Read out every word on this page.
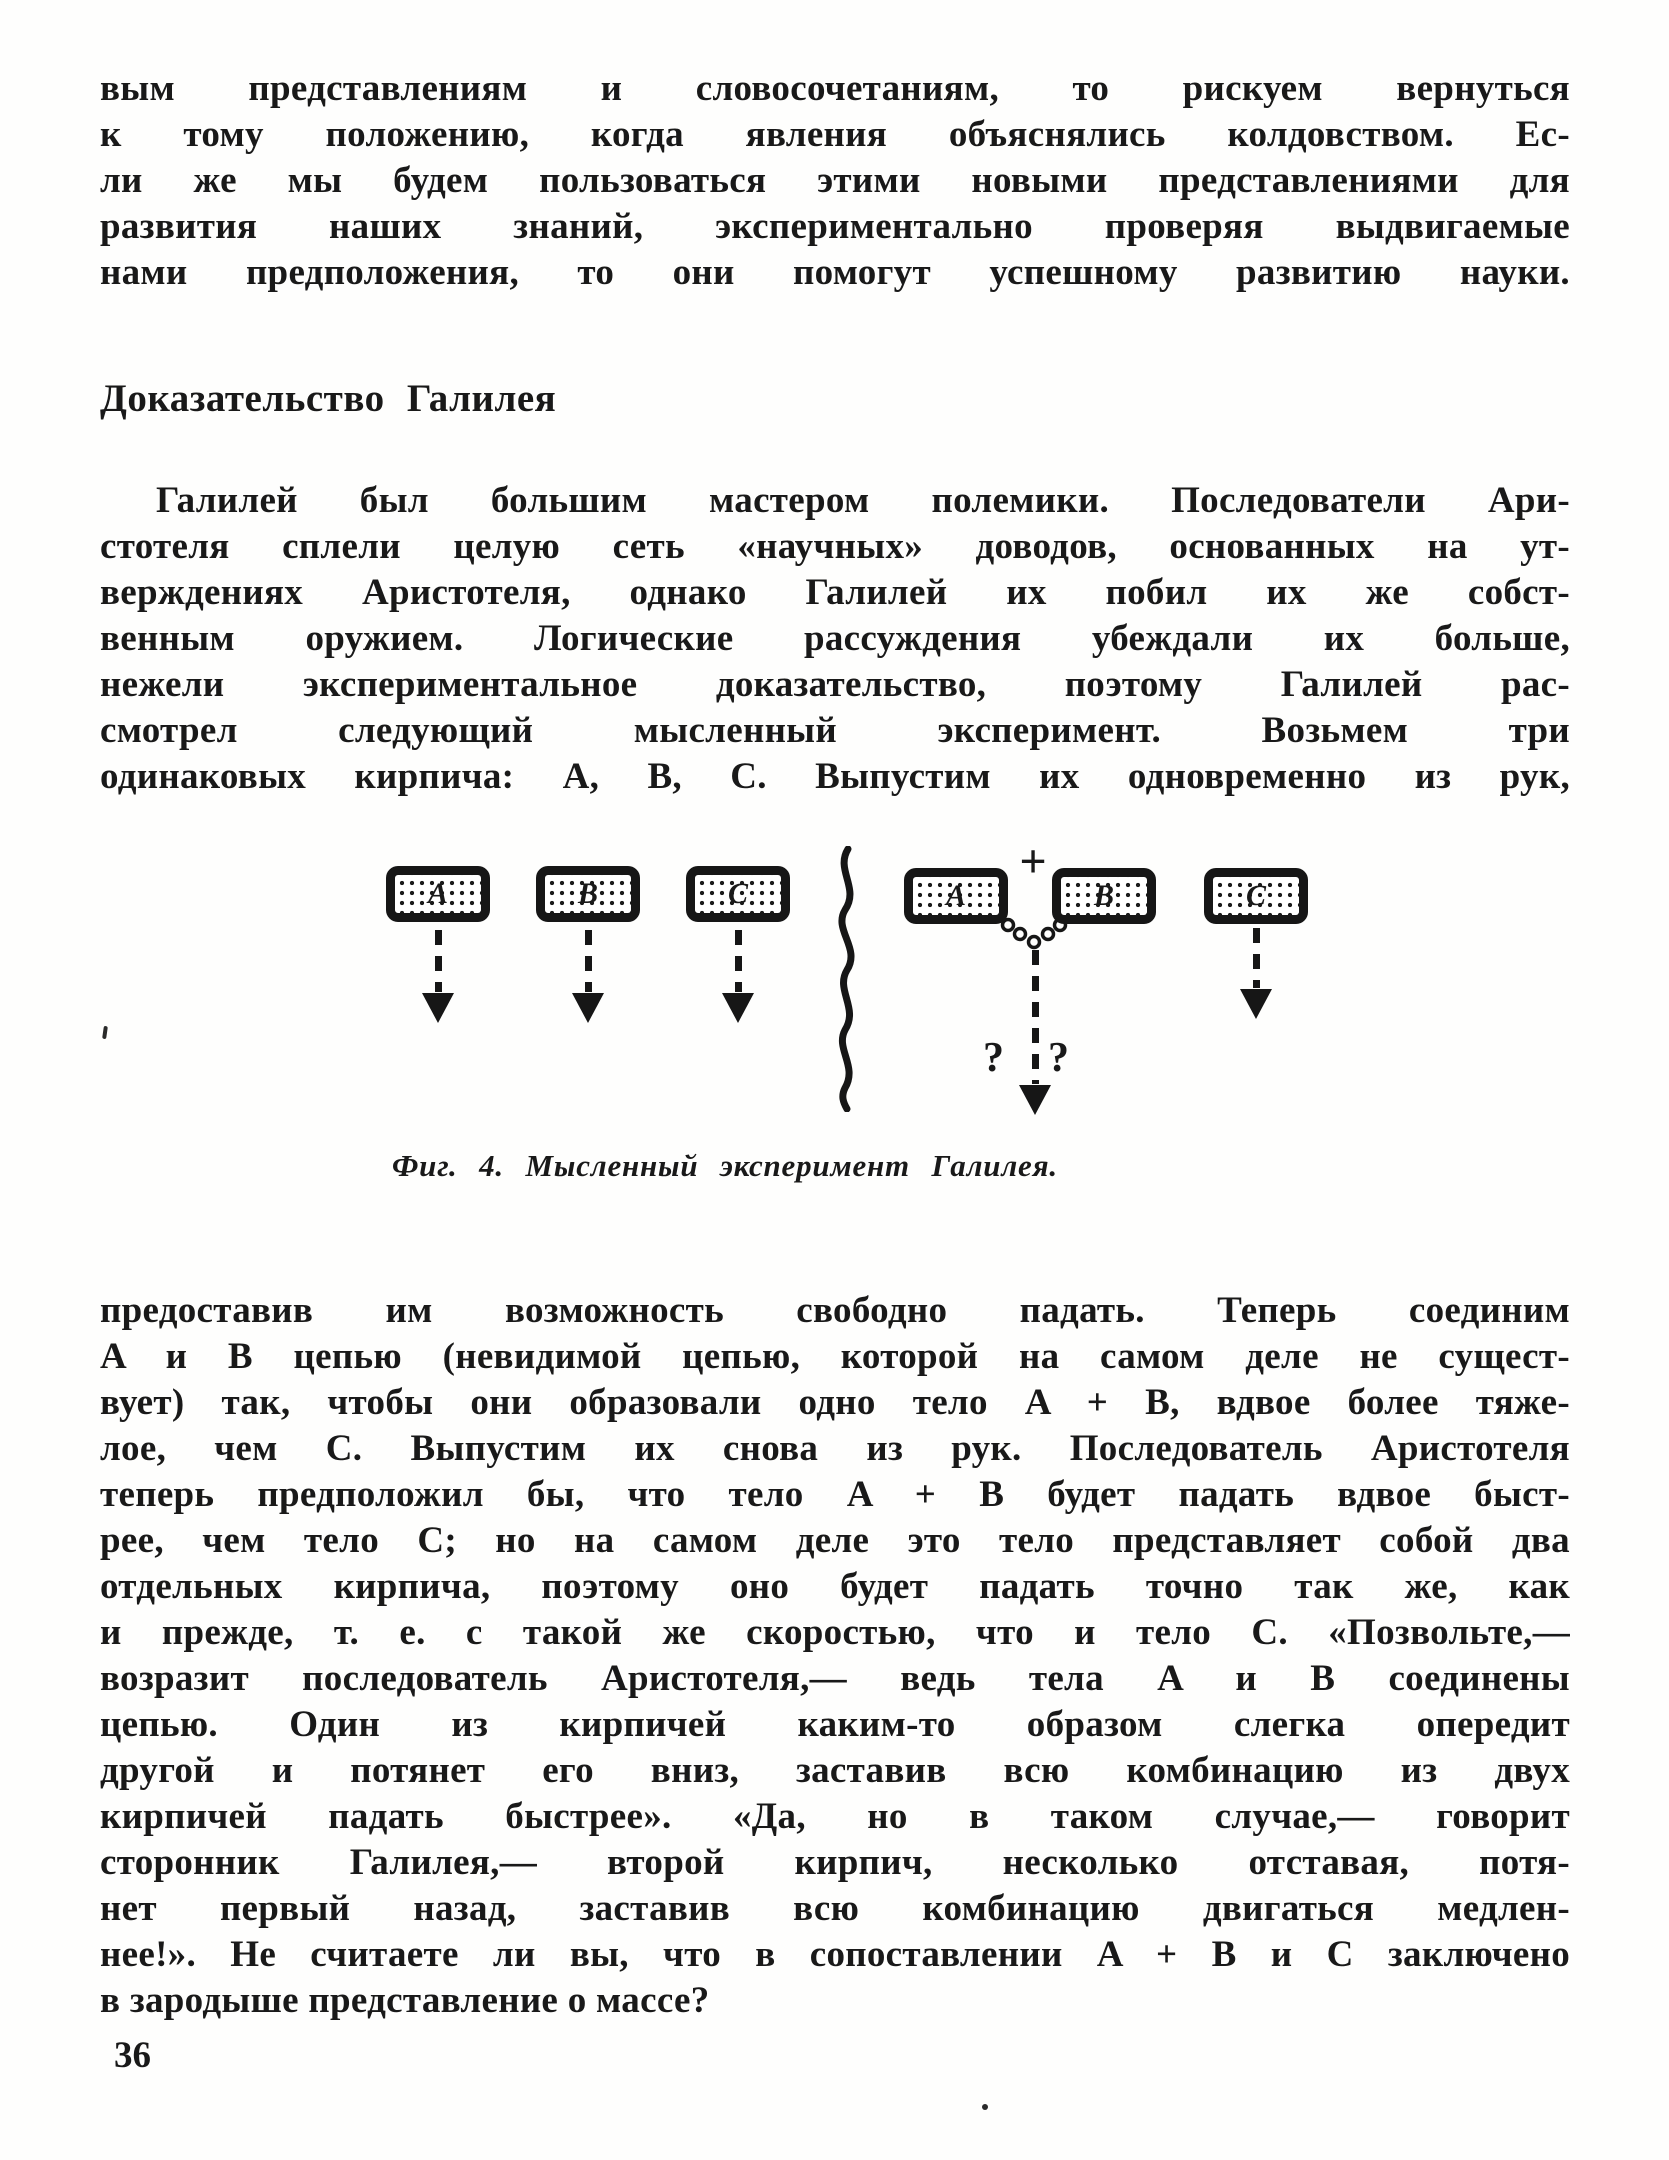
вым представлениям и словосочетаниям, то рискуем вернуться
к тому положению, когда явления объяснялись колдовством. Ес-
ли же мы будем пользоваться этими новыми представлениями для
развития наших знаний, экспериментально проверяя выдвигаемые
нами предположения, то они помогут успешному развитию науки.
Доказательство Галилея
Галилей был большим мастером полемики. Последователи Ари-
стотеля сплели целую сеть «научных» доводов, основанных на ут-
верждениях Аристотеля, однако Галилей их побил их же собст-
венным оружием. Логические рассуждения убеждали их больше,
нежели экспериментальное доказательство, поэтому Галилей рас-
смотрел следующий мысленный эксперимент. Возьмем три
одинаковых кирпича: A, B, C. Выпустим их одновременно из рук,
A	B	C
+
A	B
? ?
C
Фиг. 4. Мысленный эксперимент Галилея.
предоставив им возможность свободно падать. Теперь соединим
A и B цепью (невидимой цепью, которой на самом деле не сущест-
вует) так, чтобы они образовали одно тело A + B, вдвое более тяже-
лое, чем C. Выпустим их снова из рук. Последователь Аристотеля
теперь предположил бы, что тело A + B будет падать вдвое быст-
рее, чем тело C; но на самом деле это тело представляет собой два
отдельных кирпича, поэтому оно будет падать точно так же, как
и прежде, т. е. с такой же скоростью, что и тело C. «Позвольте,—
возразит последователь Аристотеля,— ведь тела A и B соединены
цепью. Один из кирпичей каким-то образом слегка опередит
другой и потянет его вниз, заставив всю комбинацию из двух
кирпичей падать быстрее». «Да, но в таком случае,— говорит
сторонник Галилея,— второй кирпич, несколько отставая, потя-
нет первый назад, заставив всю комбинацию двигаться медлен-
нее!». Не считаете ли вы, что в сопоставлении A + B и C заключено
в зародыше представление о массе?
36
